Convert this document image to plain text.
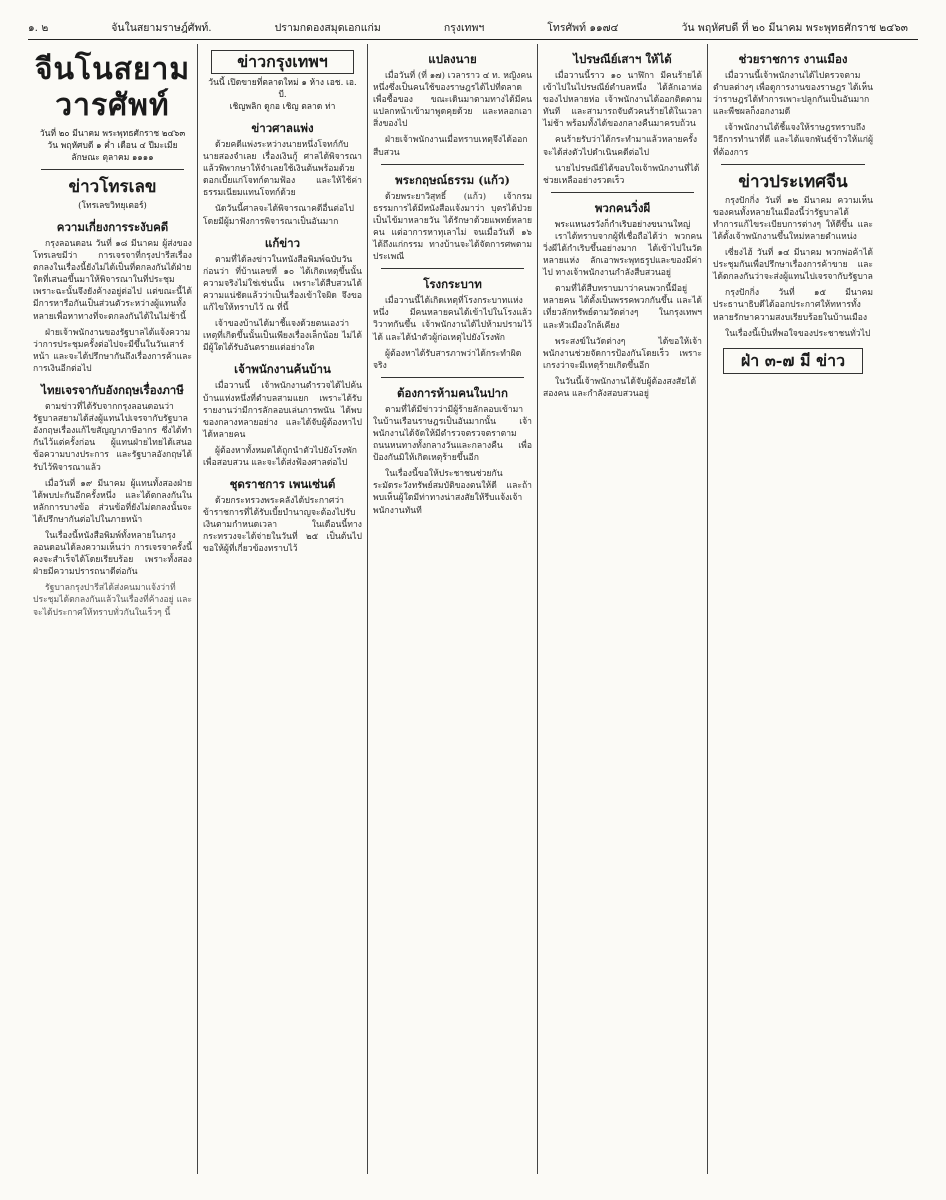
๑. ๒	จันในสยามราษฎ์ศัพท์.	ปรามกดองสมุดเอกแก่ม	กรุงเทพฯ	โทรศัพท์ ๑๑๗๔	วัน พฤหัศบดี ที่ ๒๐ มีนาคม พระพุทธศักราช ๒๔๖๓
จีนโนสยามวารศัพท์
วันที่ ๒๐ มีนาคม พระพุทธศักราช ๒๔๖๓
วัน พฤหัศบดี ๑ ค่ำ เดือน ๔ ปีมะเมีย
ลักษณะ ตุลาคม ๑๑๑๑
ข่าวโทรเลข
(โทรเลขวิทยุเตอร์)
ความเกี่ยงการระงับคดี

กรุงลอนดอน วันที่ ๑๘ มีนาคม ผู้ส่งของโทรเลขมีว่า การเจรจาที่กรุงปารีสเรื่องตกลงในเรื่องนี้ยังไม่ได้เป็นที่ตกลงกันได้ฝ่ายใดที่เสนอขึ้นมาให้พิจารณาในที่ประชุม เพราะฉะนั้นจึงยังค้างอยู่ต่อไป แต่ขณะนี้ได้มีการหารือกันเป็นส่วนตัวระหว่างผู้แทนทั้งหลายเพื่อหาทางที่จะตกลงกันได้ในไม่ช้านี้

ฝ่ายเจ้าพนักงานของรัฐบาลได้แจ้งความว่าการประชุมครั้งต่อไปจะมีขึ้นในวันเสาร์หน้า และจะได้ปรึกษากันถึงเรื่องการค้าและการเงินอีกต่อไป

ไทยเจรจากับอังกฤษเรื่องภาษี

ตามข่าวที่ได้รับจากกรุงลอนดอนว่า รัฐบาลสยามได้ส่งผู้แทนไปเจรจากับรัฐบาลอังกฤษเรื่องแก้ไขสัญญาภาษีอากร ซึ่งได้ทำกันไว้แต่ครั้งก่อน ผู้แทนฝ่ายไทยได้เสนอข้อความบางประการ และรัฐบาลอังกฤษได้รับไว้พิจารณาแล้ว

เมื่อวันที่ ๑๙ มีนาคม ผู้แทนทั้งสองฝ่ายได้พบปะกันอีกครั้งหนึ่ง และได้ตกลงกันในหลักการบางข้อ ส่วนข้อที่ยังไม่ตกลงนั้นจะได้ปรึกษากันต่อไปในภายหน้า

ในเรื่องนี้หนังสือพิมพ์ทั้งหลายในกรุงลอนดอนได้ลงความเห็นว่า การเจรจาครั้งนี้คงจะสำเร็จได้โดยเรียบร้อย เพราะทั้งสองฝ่ายมีความปรารถนาดีต่อกัน

รัฐบาลกรุงปารีสได้ส่งคนมาแจ้งว่าที่ประชุมได้ตกลงกันแล้วในเรื่องที่ค้างอยู่ และจะได้ประกาศให้ทราบทั่วกันในเร็วๆ นี้

ข่าวกรุงเทพฯ
วันนี้ เปิดขายที่ตลาดใหม่ ๑ ห้าง เอช. เอ. บี.
เชิญพลิก ดูกอ เชิญ ตลาด ท่า
ข่าวศาลแพ่ง

ด้วยคดีแพ่งระหว่างนายหนึ่งโจทก์กับนายสองจำเลย เรื่องเงินกู้ ศาลได้พิจารณาแล้วพิพากษาให้จำเลยใช้เงินต้นพร้อมด้วยดอกเบี้ยแก่โจทก์ตามฟ้อง และให้ใช้ค่าธรรมเนียมแทนโจทก์ด้วย

นัดวันนี้ศาลจะได้พิจารณาคดีอื่นต่อไป โดยมีผู้มาฟังการพิจารณาเป็นอันมาก

แก้ข่าว

ตามที่ได้ลงข่าวในหนังสือพิมพ์ฉบับวันก่อนว่า ที่บ้านเลขที่ ๑๐ ได้เกิดเหตุขึ้นนั้น ความจริงไม่ใช่เช่นนั้น เพราะได้สืบสวนได้ความแน่ชัดแล้วว่าเป็นเรื่องเข้าใจผิด จึงขอแก้ไขให้ทราบไว้ ณ ที่นี้

เจ้าของบ้านได้มาชี้แจงด้วยตนเองว่าเหตุที่เกิดขึ้นนั้นเป็นเพียงเรื่องเล็กน้อย ไม่ได้มีผู้ใดได้รับอันตรายแต่อย่างใด

เจ้าพนักงานค้นบ้าน

เมื่อวานนี้ เจ้าพนักงานตำรวจได้ไปค้นบ้านแห่งหนึ่งที่ตำบลสามแยก เพราะได้รับรายงานว่ามีการลักลอบเล่นการพนัน ได้พบของกลางหลายอย่าง และได้จับผู้ต้องหาไปได้หลายคน

ผู้ต้องหาทั้งหมดได้ถูกนำตัวไปยังโรงพักเพื่อสอบสวน และจะได้ส่งฟ้องศาลต่อไป

ชุดราชการ เพนเซ่นต์

ด้วยกระทรวงพระคลังได้ประกาศว่า ข้าราชการที่ได้รับเบี้ยบำนาญจะต้องไปรับเงินตามกำหนดเวลา ในเดือนนี้ทางกระทรวงจะได้จ่ายในวันที่ ๒๕ เป็นต้นไป ขอให้ผู้ที่เกี่ยวข้องทราบไว้

แปลงนาย

เมื่อวันที่ (ที่ ๑๗) เวลาราว ๔ ท. หญิงคนหนึ่งซึ่งเป็นคนใช้ของราษฎรได้ไปที่ตลาดเพื่อซื้อของ ขณะเดินมาตามทางได้มีคนแปลกหน้าเข้ามาพูดคุยด้วย และหลอกเอาสิ่งของไป

ฝ่ายเจ้าพนักงานเมื่อทราบเหตุจึงได้ออกสืบสวน

พระกฤษณ์ธรรม (แก้ว)

ด้วยพระยาวิสุทธิ์ (แก้ว) เจ้ากรมธรรมการได้มีหนังสือแจ้งมาว่า บุตรได้ป่วยเป็นไข้มาหลายวัน ได้รักษาด้วยแพทย์หลายคน แต่อาการหาทุเลาไม่ จนเมื่อวันที่ ๑๖ ได้ถึงแก่กรรม ทางบ้านจะได้จัดการศพตามประเพณี

โรงกระบาท

เมื่อวานนี้ได้เกิดเหตุที่โรงกระบาทแห่งหนึ่ง มีคนหลายคนได้เข้าไปในโรงแล้ววิวาทกันขึ้น เจ้าพนักงานได้ไปห้ามปรามไว้ได้ และได้นำตัวผู้ก่อเหตุไปยังโรงพัก

ผู้ต้องหาได้รับสารภาพว่าได้กระทำผิดจริง

ต้องการห้ามคนในปาก

ตามที่ได้มีข่าวว่ามีผู้ร้ายลักลอบเข้ามาในบ้านเรือนราษฎรเป็นอันมากนั้น เจ้าพนักงานได้จัดให้มีตำรวจตรวจตราตามถนนหนทางทั้งกลางวันและกลางคืน เพื่อป้องกันมิให้เกิดเหตุร้ายขึ้นอีก

ในเรื่องนี้ขอให้ประชาชนช่วยกันระมัดระวังทรัพย์สมบัติของตนให้ดี และถ้าพบเห็นผู้ใดมีท่าทางน่าสงสัยให้รีบแจ้งเจ้าพนักงานทันที

ไปรษณีย์เสาฯ ให้ได้

เมื่อวานนี้ราว ๑๐ นาฬิกา มีคนร้ายได้เข้าไปในไปรษณีย์ตำบลหนึ่ง ได้ลักเอาห่อของไปหลายห่อ เจ้าพนักงานได้ออกติดตามทันที และสามารถจับตัวคนร้ายได้ในเวลาไม่ช้า พร้อมทั้งได้ของกลางคืนมาครบถ้วน

คนร้ายรับว่าได้กระทำมาแล้วหลายครั้ง จะได้ส่งตัวไปดำเนินคดีต่อไป

นายไปรษณีย์ได้ขอบใจเจ้าพนักงานที่ได้ช่วยเหลืออย่างรวดเร็ว

พวกคนวิ่งผี
พระแหนงรวังก็กำเริบอย่างขนานใหญ่

เราได้ทราบจากผู้ที่เชื่อถือได้ว่า พวกคนวิ่งผีได้กำเริบขึ้นอย่างมาก ได้เข้าไปในวัดหลายแห่ง ลักเอาพระพุทธรูปและของมีค่าไป ทางเจ้าพนักงานกำลังสืบสวนอยู่

ตามที่ได้สืบทราบมาว่าคนพวกนี้มีอยู่หลายคน ได้ตั้งเป็นพรรคพวกกันขึ้น และได้เที่ยวลักทรัพย์ตามวัดต่างๆ ในกรุงเทพฯ และหัวเมืองใกล้เคียง

พระสงฆ์ในวัดต่างๆ ได้ขอให้เจ้าพนักงานช่วยจัดการป้องกันโดยเร็ว เพราะเกรงว่าจะมีเหตุร้ายเกิดขึ้นอีก

ในวันนี้เจ้าพนักงานได้จับผู้ต้องสงสัยได้สองคน และกำลังสอบสวนอยู่

ช่วยราชการ งานเมือง

เมื่อวานนี้เจ้าพนักงานได้ไปตรวจตามตำบลต่างๆ เพื่อดูการงานของราษฎร ได้เห็นว่าราษฎรได้ทำการเพาะปลูกกันเป็นอันมาก และพืชผลก็งอกงามดี

เจ้าพนักงานได้ชี้แจงให้ราษฎรทราบถึงวิธีการทำนาที่ดี และได้แจกพันธุ์ข้าวให้แก่ผู้ที่ต้องการ

ข่าวประเทศจีน

กรุงปักกิ่ง วันที่ ๑๒ มีนาคม ความเห็นของคนทั้งหลายในเมืองนี้ว่ารัฐบาลได้ทำการแก้ไขระเบียบการต่างๆ ให้ดีขึ้น และได้ตั้งเจ้าพนักงานขึ้นใหม่หลายตำแหน่ง

เซี่ยงไฮ้ วันที่ ๑๔ มีนาคม พวกพ่อค้าได้ประชุมกันเพื่อปรึกษาเรื่องการค้าขาย และได้ตกลงกันว่าจะส่งผู้แทนไปเจรจากับรัฐบาล

กรุงปักกิ่ง วันที่ ๑๕ มีนาคม ประธานาธิบดีได้ออกประกาศให้ทหารทั้งหลายรักษาความสงบเรียบร้อยในบ้านเมือง

ในเรื่องนี้เป็นที่พอใจของประชาชนทั่วไป

ฝ่า ๓-๗ มี ข่าว
